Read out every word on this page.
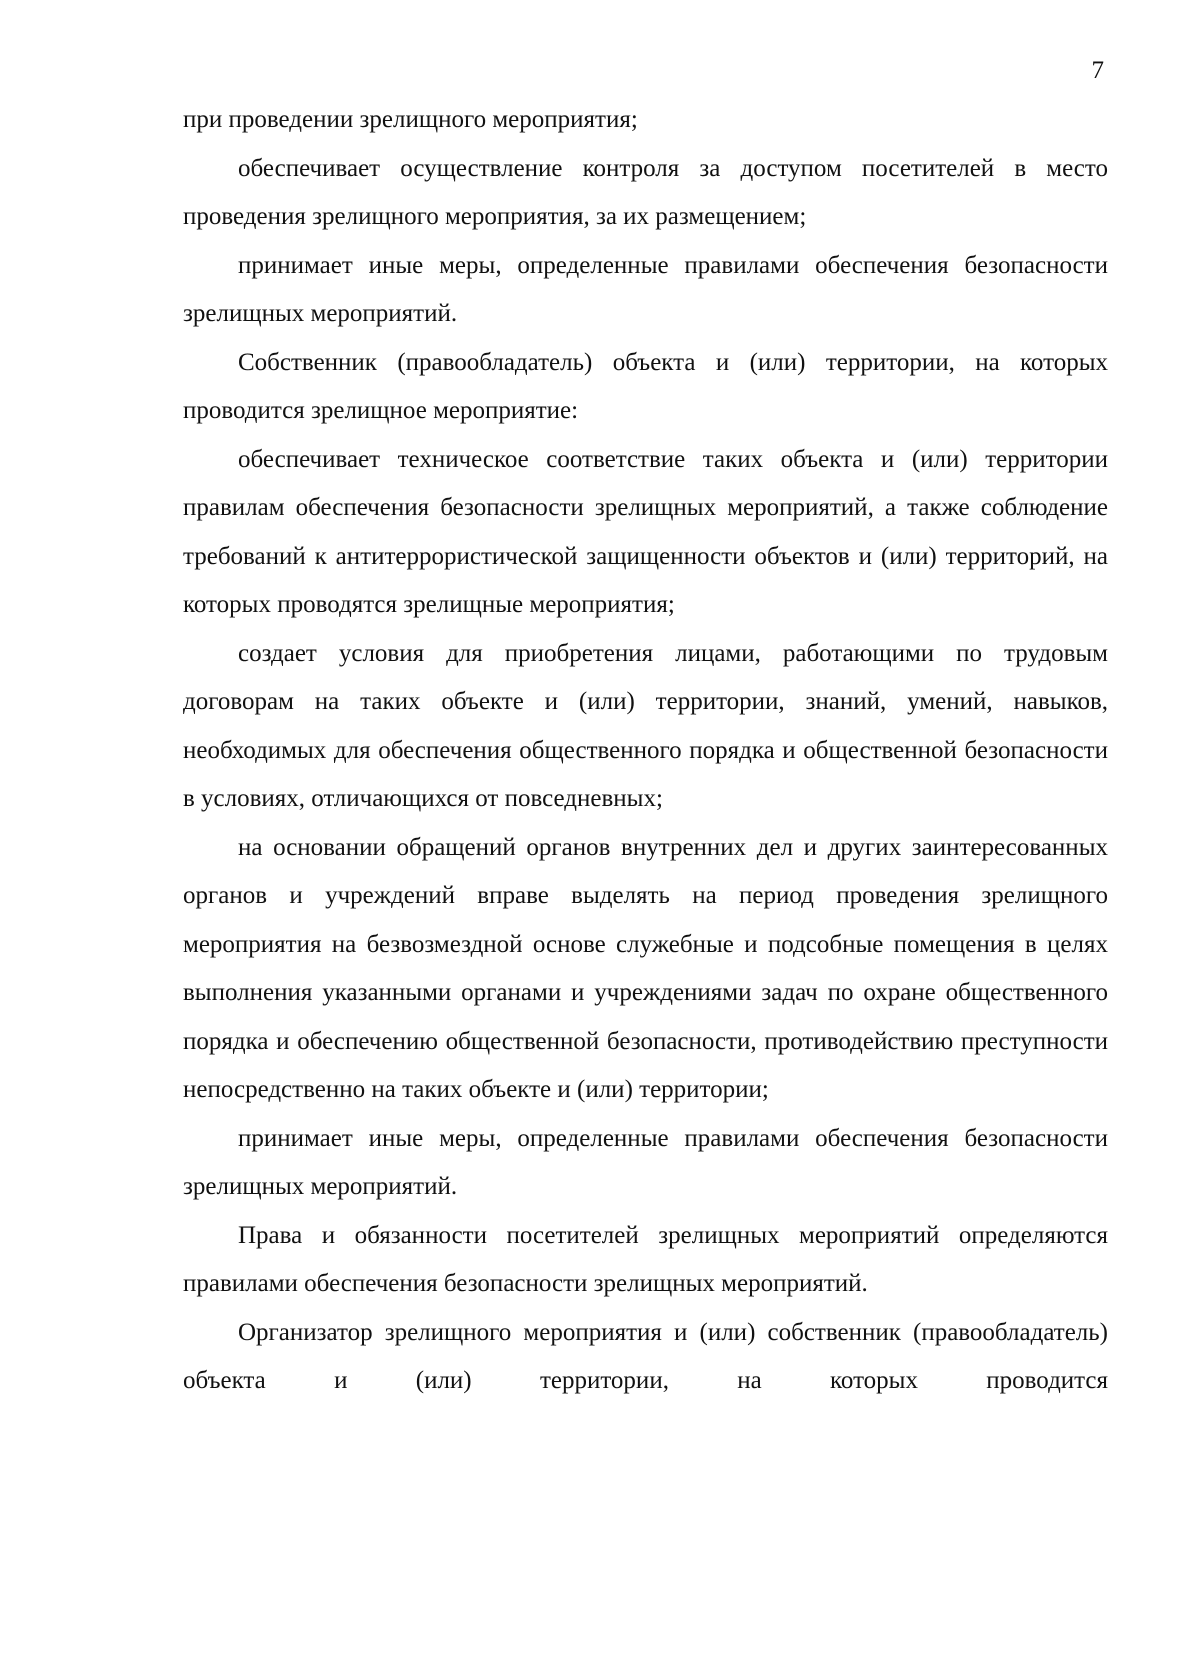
7

при проведении зрелищного мероприятия;

обеспечивает осуществление контроля за доступом посетителей в место проведения зрелищного мероприятия, за их размещением;

принимает иные меры, определенные правилами обеспечения безопасности зрелищных мероприятий.

Собственник (правообладатель) объекта и (или) территории, на которых проводится зрелищное мероприятие:

обеспечивает техническое соответствие таких объекта и (или) территории правилам обеспечения безопасности зрелищных мероприятий, а также соблюдение требований к антитеррористической защищенности объектов и (или) территорий, на которых проводятся зрелищные мероприятия;

создает условия для приобретения лицами, работающими по трудовым договорам на таких объекте и (или) территории, знаний, умений, навыков, необходимых для обеспечения общественного порядка и общественной безопасности в условиях, отличающихся от повседневных;

на основании обращений органов внутренних дел и других заинтересованных органов и учреждений вправе выделять на период проведения зрелищного мероприятия на безвозмездной основе служебные и подсобные помещения в целях выполнения указанными органами и учреждениями задач по охране общественного порядка и обеспечению общественной безопасности, противодействию преступности непосредственно на таких объекте и (или) территории;

принимает иные меры, определенные правилами обеспечения безопасности зрелищных мероприятий.

Права и обязанности посетителей зрелищных мероприятий определяются правилами обеспечения безопасности зрелищных мероприятий.

Организатор зрелищного мероприятия и (или) собственник (правообладатель) объекта и (или) территории, на которых проводится
